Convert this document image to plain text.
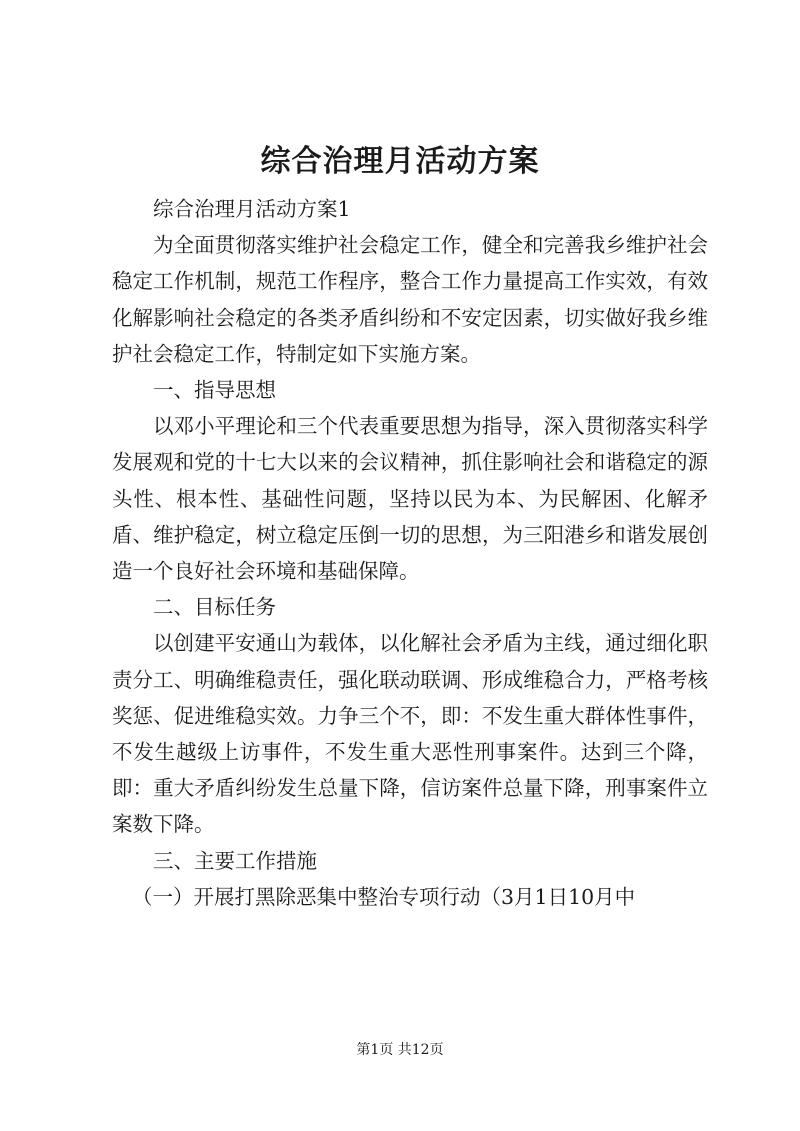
综合治理月活动方案

综合治理月活动方案1

为全面贯彻落实维护社会稳定工作，健全和完善我乡维护社会稳定工作机制，规范工作程序，整合工作力量提高工作实效，有效化解影响社会稳定的各类矛盾纠纷和不安定因素，切实做好我乡维护社会稳定工作，特制定如下实施方案。

一、指导思想

以邓小平理论和三个代表重要思想为指导，深入贯彻落实科学发展观和党的十七大以来的会议精神，抓住影响社会和谐稳定的源头性、根本性、基础性问题，坚持以民为本、为民解困、化解矛盾、维护稳定，树立稳定压倒一切的思想，为三阳港乡和谐发展创造一个良好社会环境和基础保障。

二、目标任务

以创建平安通山为载体，以化解社会矛盾为主线，通过细化职责分工、明确维稳责任，强化联动联调、形成维稳合力，严格考核奖惩、促进维稳实效。力争三个不，即：不发生重大群体性事件，不发生越级上访事件，不发生重大恶性刑事案件。达到三个降，即：重大矛盾纠纷发生总量下降，信访案件总量下降，刑事案件立案数下降。

三、主要工作措施

（一）开展打黑除恶集中整治专项行动（3月1日10月中

第1页 共12页
